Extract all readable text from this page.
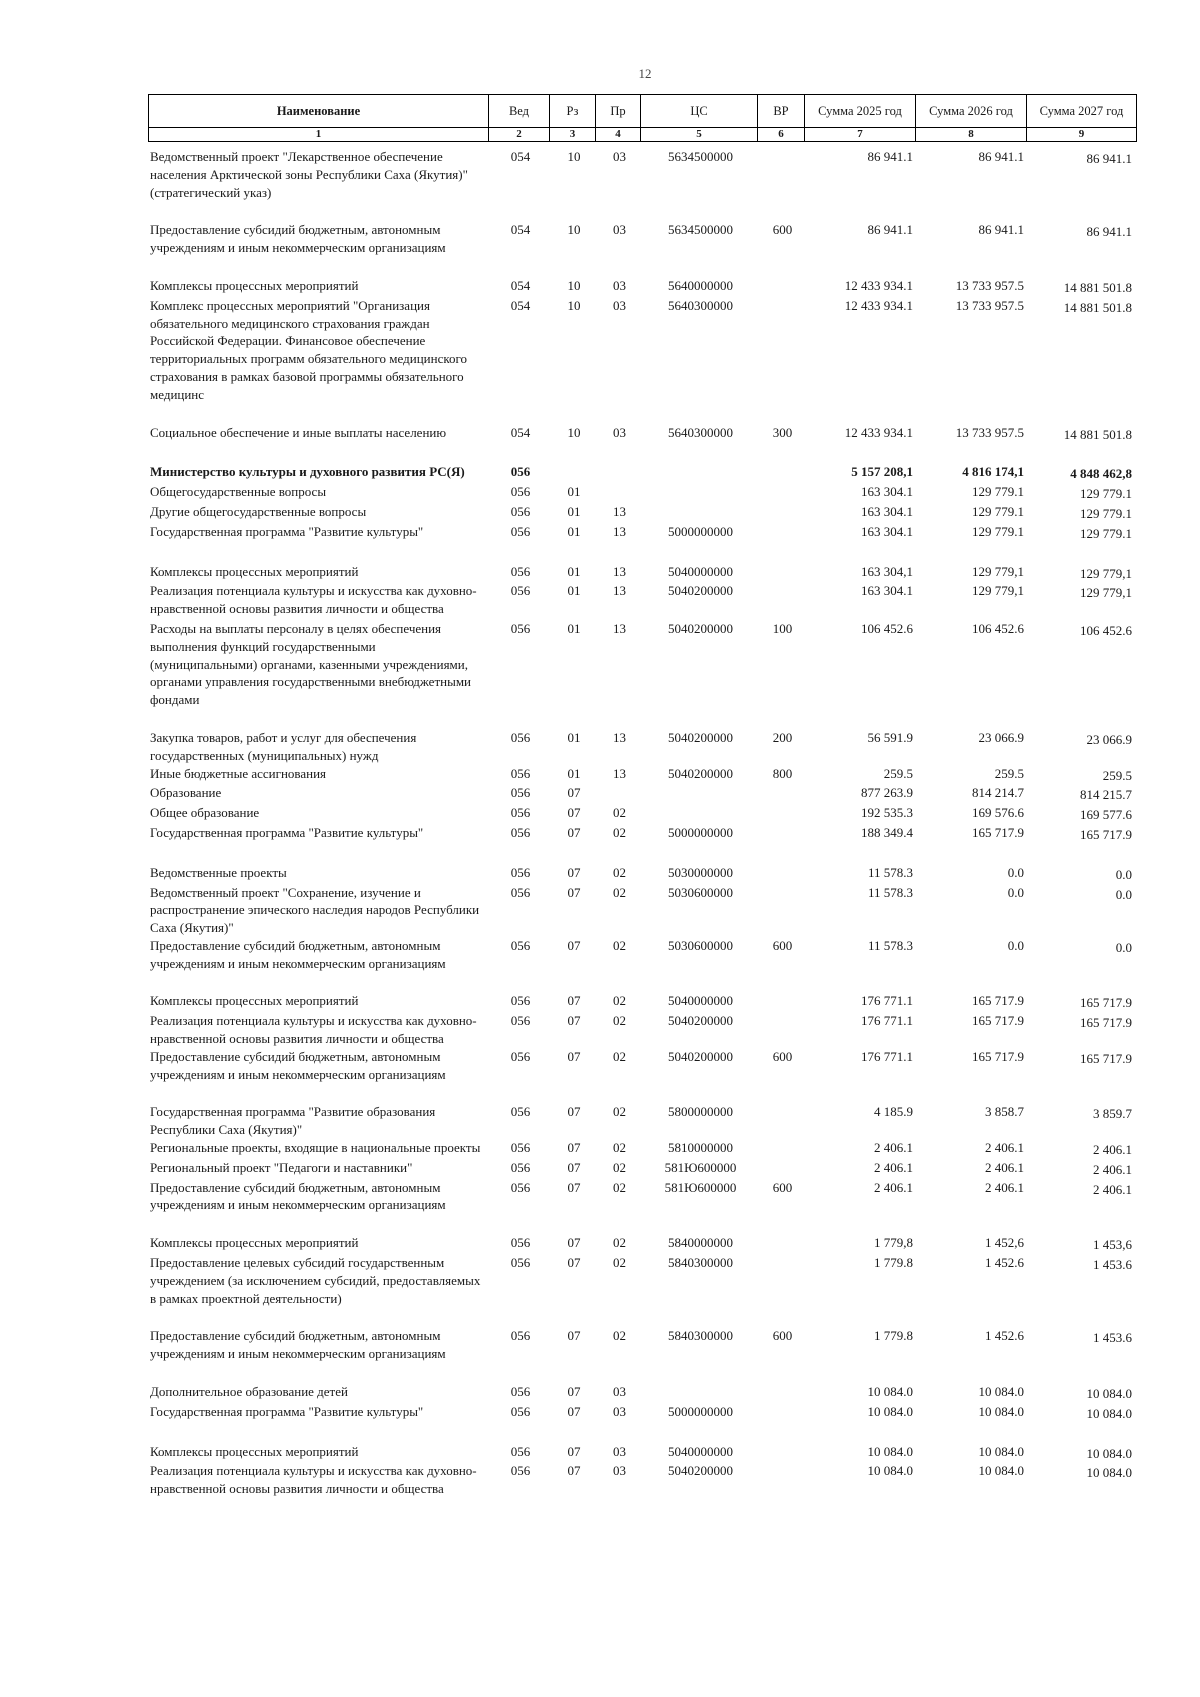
12
Наименование	Вед	Рз	Пр	ЦС	ВР	Сумма 2025 год	Сумма 2026 год	Сумма 2027 год
1	2	3	4	5	6	7	8	9
Ведомственный проект "Лекарственное обеспечение населения Арктической зоны Республики Саха (Якутия)" (стратегический указ)	054	10	03	5634500000		86 941.1	86 941.1	86 941.1
Предоставление субсидий бюджетным, автономным учреждениям и иным некоммерческим организациям	054	10	03	5634500000	600	86 941.1	86 941.1	86 941.1
Комплексы процессных мероприятий	054	10	03	5640000000		12 433 934.1	13 733 957.5	14 881 501.8
Комплекс процессных мероприятий "Организация обязательного медицинского страхования граждан Российской Федерации. Финансовое обеспечение территориальных программ обязательного медицинского страхования в рамках базовой программы обязательного медицинс	054	10	03	5640300000		12 433 934.1	13 733 957.5	14 881 501.8
Социальное обеспечение и иные выплаты населению	054	10	03	5640300000	300	12 433 934.1	13 733 957.5	14 881 501.8
Министерство культуры и духовного развития РС(Я)	056					5 157 208,1	4 816 174,1	4 848 462,8
Общегосударственные вопросы	056	01				163 304.1	129 779.1	129 779.1
Другие общегосударственные вопросы	056	01	13			163 304.1	129 779.1	129 779.1
Государственная программа "Развитие культуры"	056	01	13	5000000000		163 304.1	129 779.1	129 779.1
Комплексы процессных мероприятий	056	01	13	5040000000		163 304,1	129 779,1	129 779,1
Реализация потенциала культуры и искусства как духовно-нравственной основы развития личности и общества	056	01	13	5040200000		163 304.1	129 779,1	129 779,1
Расходы на выплаты персоналу в целях обеспечения выполнения функций государственными (муниципальными) органами, казенными учреждениями, органами управления государственными внебюджетными фондами	056	01	13	5040200000	100	106 452.6	106 452.6	106 452.6
Закупка товаров, работ и услуг для обеспечения государственных (муниципальных) нужд	056	01	13	5040200000	200	56 591.9	23 066.9	23 066.9
Иные бюджетные ассигнования	056	01	13	5040200000	800	259.5	259.5	259.5
Образование	056	07				877 263.9	814 214.7	814 215.7
Общее образование	056	07	02			192 535.3	169 576.6	169 577.6
Государственная программа "Развитие культуры"	056	07	02	5000000000		188 349.4	165 717.9	165 717.9
Ведомственные проекты	056	07	02	5030000000		11 578.3	0.0	0.0
Ведомственный проект "Сохранение, изучение и распространение эпического наследия народов Республики Саха (Якутия)"	056	07	02	5030600000		11 578.3	0.0	0.0
Предоставление субсидий бюджетным, автономным учреждениям и иным некоммерческим организациям	056	07	02	5030600000	600	11 578.3	0.0	0.0
Комплексы процессных мероприятий	056	07	02	5040000000		176 771.1	165 717.9	165 717.9
Реализация потенциала культуры и искусства как духовно-нравственной основы развития личности и общества	056	07	02	5040200000		176 771.1	165 717.9	165 717.9
Предоставление субсидий бюджетным, автономным учреждениям и иным некоммерческим организациям	056	07	02	5040200000	600	176 771.1	165 717.9	165 717.9
Государственная программа "Развитие образования Республики Саха (Якутия)"	056	07	02	5800000000		4 185.9	3 858.7	3 859.7
Региональные проекты, входящие в национальные проекты	056	07	02	5810000000		2 406.1	2 406.1	2 406.1
Региональный проект "Педагоги и наставники"	056	07	02	581Ю600000		2 406.1	2 406.1	2 406.1
Предоставление субсидий бюджетным, автономным учреждениям и иным некоммерческим организациям	056	07	02	581Ю600000	600	2 406.1	2 406.1	2 406.1
Комплексы процессных мероприятий	056	07	02	5840000000		1 779,8	1 452,6	1 453,6
Предоставление целевых субсидий государственным учреждением (за исключением субсидий, предоставляемых в рамках проектной деятельности)	056	07	02	5840300000		1 779.8	1 452.6	1 453.6
Предоставление субсидий бюджетным, автономным учреждениям и иным некоммерческим организациям	056	07	02	5840300000	600	1 779.8	1 452.6	1 453.6
Дополнительное образование детей	056	07	03			10 084.0	10 084.0	10 084.0
Государственная программа "Развитие культуры"	056	07	03	5000000000		10 084.0	10 084.0	10 084.0
Комплексы процессных мероприятий	056	07	03	5040000000		10 084.0	10 084.0	10 084.0
Реализация потенциала культуры и искусства как духовно-нравственной основы развития личности и общества	056	07	03	5040200000		10 084.0	10 084.0	10 084.0
